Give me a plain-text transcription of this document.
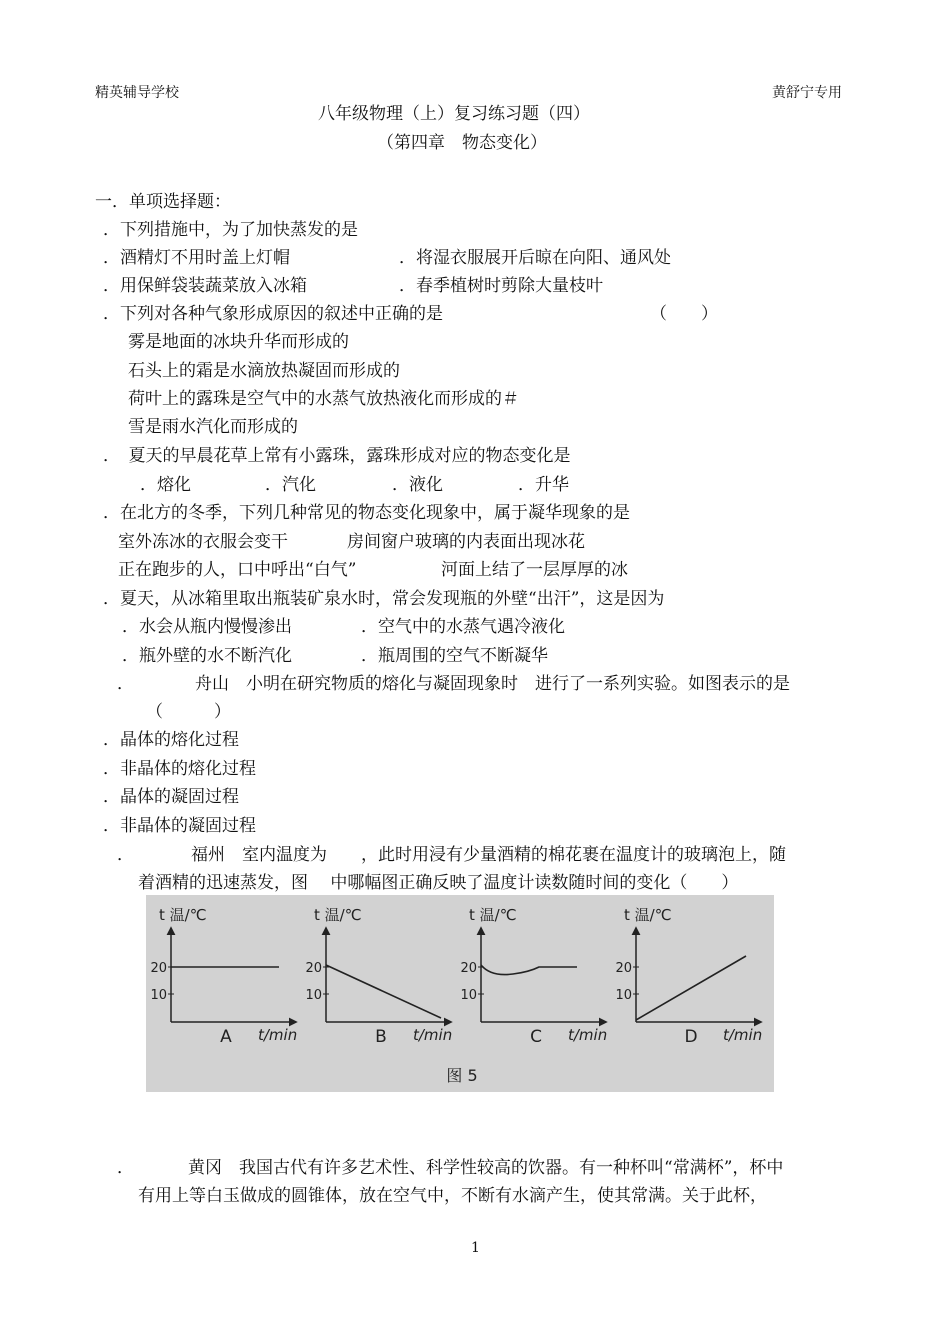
精英辅导学校	黄舒宁专用
八年级物理（上）复习练习题（四）
（第四章　物态变化）
一．单项选择题：
．下列措施中，为了加快蒸发的是
．酒精灯不用时盖上灯帽	．将湿衣服展开后晾在向阳、通风处
．用保鲜袋装蔬菜放入冰箱	．春季植树时剪除大量枝叶
．下列对各种气象形成原因的叙述中正确的是	（　　）
雾是地面的冰块升华而形成的
石头上的霜是水滴放热凝固而形成的
荷叶上的露珠是空气中的水蒸气放热液化而形成的＃
雪是雨水汽化而形成的
．　夏天的早晨花草上常有小露珠，露珠形成对应的物态变化是
．熔化	．汽化	．液化	．升华
．在北方的冬季，下列几种常见的物态变化现象中，属于凝华现象的是
室外冻冰的衣服会变干	房间窗户玻璃的内表面出现冰花
正在跑步的人，口中呼出“白气”	河面上结了一层厚厚的冰
．夏天，从冰箱里取出瓶装矿泉水时，常会发现瓶的外壁“出汗”，这是因为
．水会从瓶内慢慢渗出	．空气中的水蒸气遇冷液化
．瓶外壁的水不断汽化	．瓶周围的空气不断凝华
．	舟山　小明在研究物质的熔化与凝固现象时　进行了一系列实验。如图表示的是
（　　　）
．晶体的熔化过程
．非晶体的熔化过程
．晶体的凝固过程
．非晶体的凝固过程
．	福州　室内温度为　　，此时用浸有少量酒精的棉花裹在温度计的玻璃泡上，随
着酒精的迅速蒸发，图　 中哪幅图正确反映了温度计读数随时间的变化（　　）
t 温/℃
t/min
20
10
A
t 温/℃
t/min
20
10
B
t 温/℃
t/min
20
10
C
t 温/℃
t/min
20
10
D
图 5
．	黄冈　我国古代有许多艺术性、科学性较高的饮器。有一种杯叫“常满杯”，杯中
有用上等白玉做成的圆锥体，放在空气中，不断有水滴产生，使其常满。关于此杯，
1
